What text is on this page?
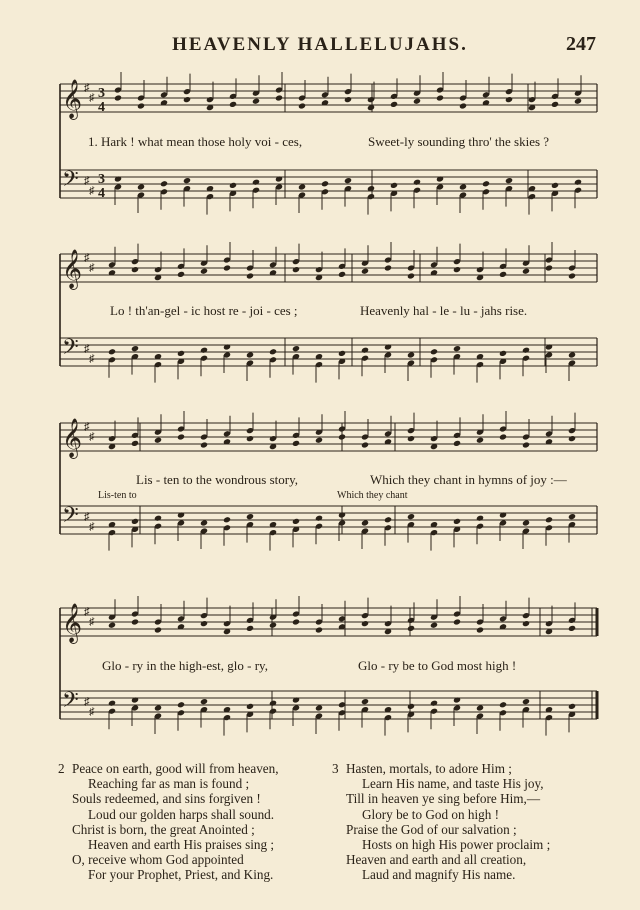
HEAVENLY HALLELUJAHS.	247
𝄞 ♯
♯
𝄢 ♯
♯
𝄞 ♯
♯
𝄢 ♯
♯
𝄞 ♯
♯
𝄢 ♯
♯
𝄞 ♯
♯
𝄢 ♯
♯
3
4
3
4
1. Hark ! what mean those holy voi - ces,	Sweet-ly sounding thro' the skies ?
Lo ! th'an-gel - ic host re - joi - ces ;	Heavenly hal - le - lu - jahs rise.
Lis - ten to the wondrous story,	Which they chant in hymns of joy :—
Lis-ten to	Which they chant
Glo - ry in the high-est, glo - ry,	Glo - ry be to God most high !
2 Peace on earth, good will from heaven,
Reaching far as man is found ;
Souls redeemed, and sins forgiven !
Loud our golden harps shall sound.
Christ is born, the great Anointed ;
Heaven and earth His praises sing ;
O, receive whom God appointed
For your Prophet, Priest, and King.
3 Hasten, mortals, to adore Him ;
Learn His name, and taste His joy,
Till in heaven ye sing before Him,—
Glory be to God on high !
Praise the God of our salvation ;
Hosts on high His power proclaim ;
Heaven and earth and all creation,
Laud and magnify His name.
